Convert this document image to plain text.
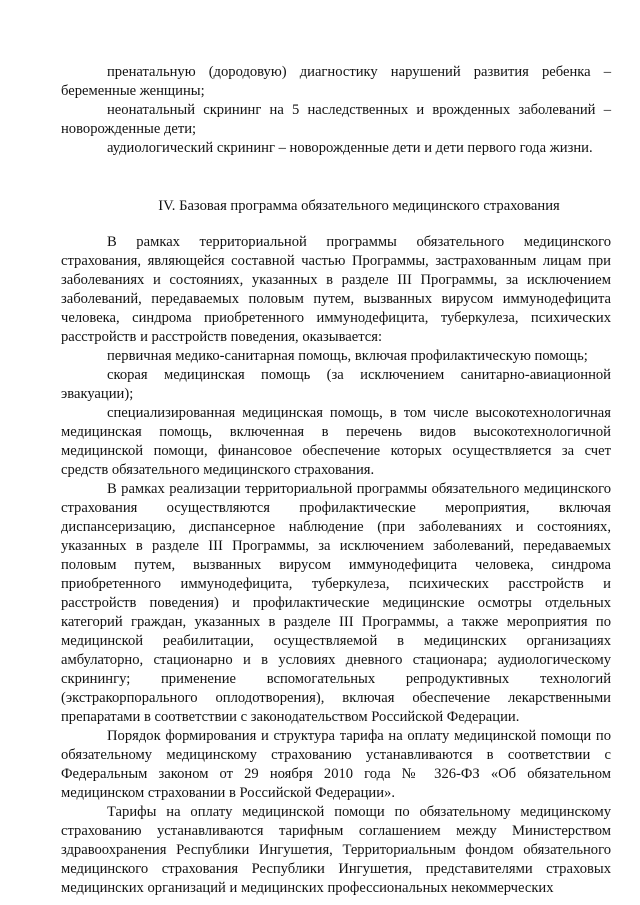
пренатальную (дородовую) диагностику нарушений развития ребенка – беременные женщины;

неонатальный скрининг на 5 наследственных и врожденных заболеваний – новорожденные дети;

аудиологический скрининг – новорожденные дети и дети первого года жизни.

IV. Базовая программа обязательного медицинского страхования

В рамках территориальной программы обязательного медицинского страхования, являющейся составной частью Программы, застрахованным лицам при заболеваниях и состояниях, указанных в разделе III Программы, за исключением заболеваний, передаваемых половым путем, вызванных вирусом иммунодефицита человека, синдрома приобретенного иммунодефицита, туберкулеза, психических расстройств и расстройств поведения, оказывается:

первичная медико-санитарная помощь, включая профилактическую помощь;

скорая медицинская помощь (за исключением санитарно-авиационной эвакуации);

специализированная медицинская помощь, в том числе высокотехнологичная медицинская помощь, включенная в перечень видов высокотехнологичной медицинской помощи, финансовое обеспечение которых осуществляется за счет средств обязательного медицинского страхования.

В рамках реализации территориальной программы обязательного медицинского страхования осуществляются профилактические мероприятия, включая диспансеризацию, диспансерное наблюдение (при заболеваниях и состояниях, указанных в разделе III Программы, за исключением заболеваний, передаваемых половым путем, вызванных вирусом иммунодефицита человека, синдрома приобретенного иммунодефицита, туберкулеза, психических расстройств и расстройств поведения) и профилактические медицинские осмотры отдельных категорий граждан, указанных в разделе III Программы, а также мероприятия по медицинской реабилитации, осуществляемой в медицинских организациях амбулаторно, стационарно и в условиях дневного стационара; аудиологическому скринингу; применение вспомогательных репродуктивных технологий (экстракорпорального оплодотворения), включая обеспечение лекарственными препаратами в соответствии с законодательством Российской Федерации.

Порядок формирования и структура тарифа на оплату медицинской помощи по обязательному медицинскому страхованию устанавливаются в соответствии с Федеральным законом от 29 ноября 2010 года № 326-ФЗ «Об обязательном медицинском страховании в Российской Федерации».

Тарифы на оплату медицинской помощи по обязательному медицинскому страхованию устанавливаются тарифным соглашением между Министерством здравоохранения Республики Ингушетия, Территориальным фондом обязательного медицинского страхования Республики Ингушетия, представителями страховых медицинских организаций и медицинских профессиональных некоммерческих
